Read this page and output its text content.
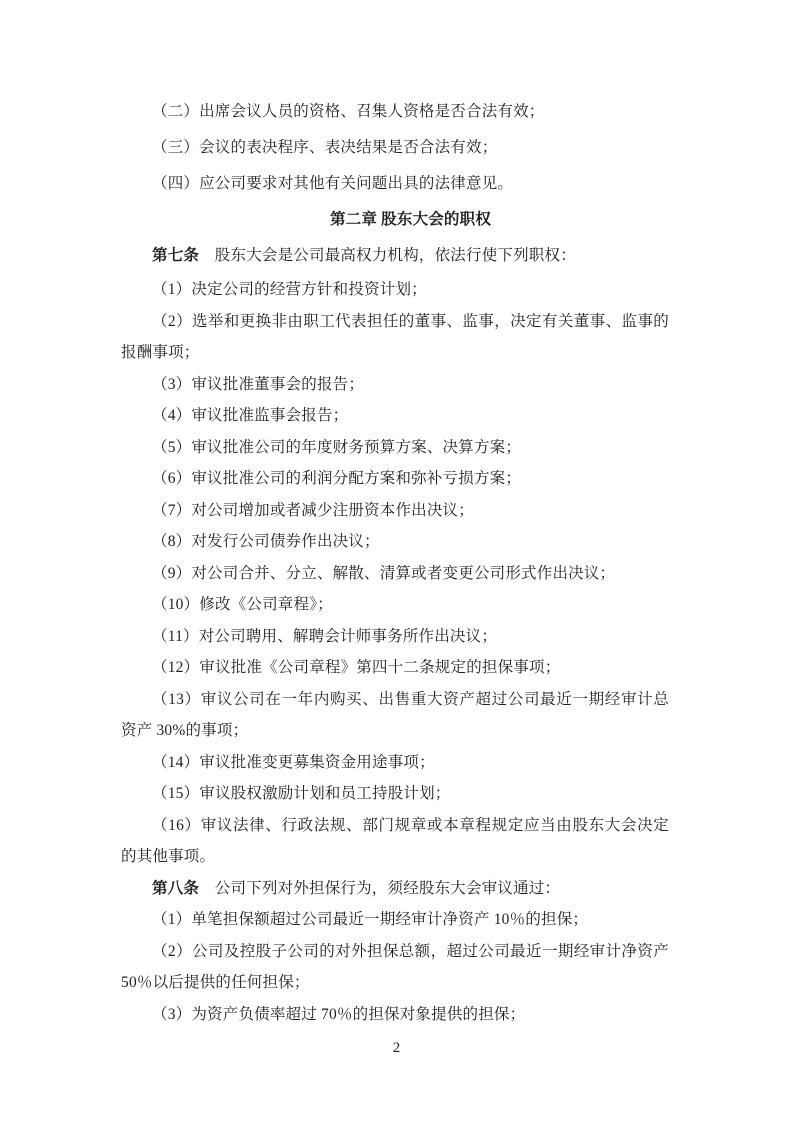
（二）出席会议人员的资格、召集人资格是否合法有效；

（三）会议的表决程序、表决结果是否合法有效；

（四）应公司要求对其他有关问题出具的法律意见。

第二章 股东大会的职权

第七条　股东大会是公司最高权力机构，依法行使下列职权：

（1）决定公司的经营方针和投资计划；

（2）选举和更换非由职工代表担任的董事、监事，决定有关董事、监事的报酬事项；

（3）审议批准董事会的报告；

（4）审议批准监事会报告；

（5）审议批准公司的年度财务预算方案、决算方案；

（6）审议批准公司的利润分配方案和弥补亏损方案；

（7）对公司增加或者减少注册资本作出决议；

（8）对发行公司债券作出决议；

（9）对公司合并、分立、解散、清算或者变更公司形式作出决议；

（10）修改《公司章程》；

（11）对公司聘用、解聘会计师事务所作出决议；

（12）审议批准《公司章程》第四十二条规定的担保事项；

（13）审议公司在一年内购买、出售重大资产超过公司最近一期经审计总资产 30%的事项；

（14）审议批准变更募集资金用途事项；

（15）审议股权激励计划和员工持股计划；

（16）审议法律、行政法规、部门规章或本章程规定应当由股东大会决定的其他事项。

第八条　公司下列对外担保行为，须经股东大会审议通过：

（1）单笔担保额超过公司最近一期经审计净资产 10％的担保；

（2）公司及控股子公司的对外担保总额，超过公司最近一期经审计净资产 50％以后提供的任何担保；

（3）为资产负债率超过 70％的担保对象提供的担保；

2
